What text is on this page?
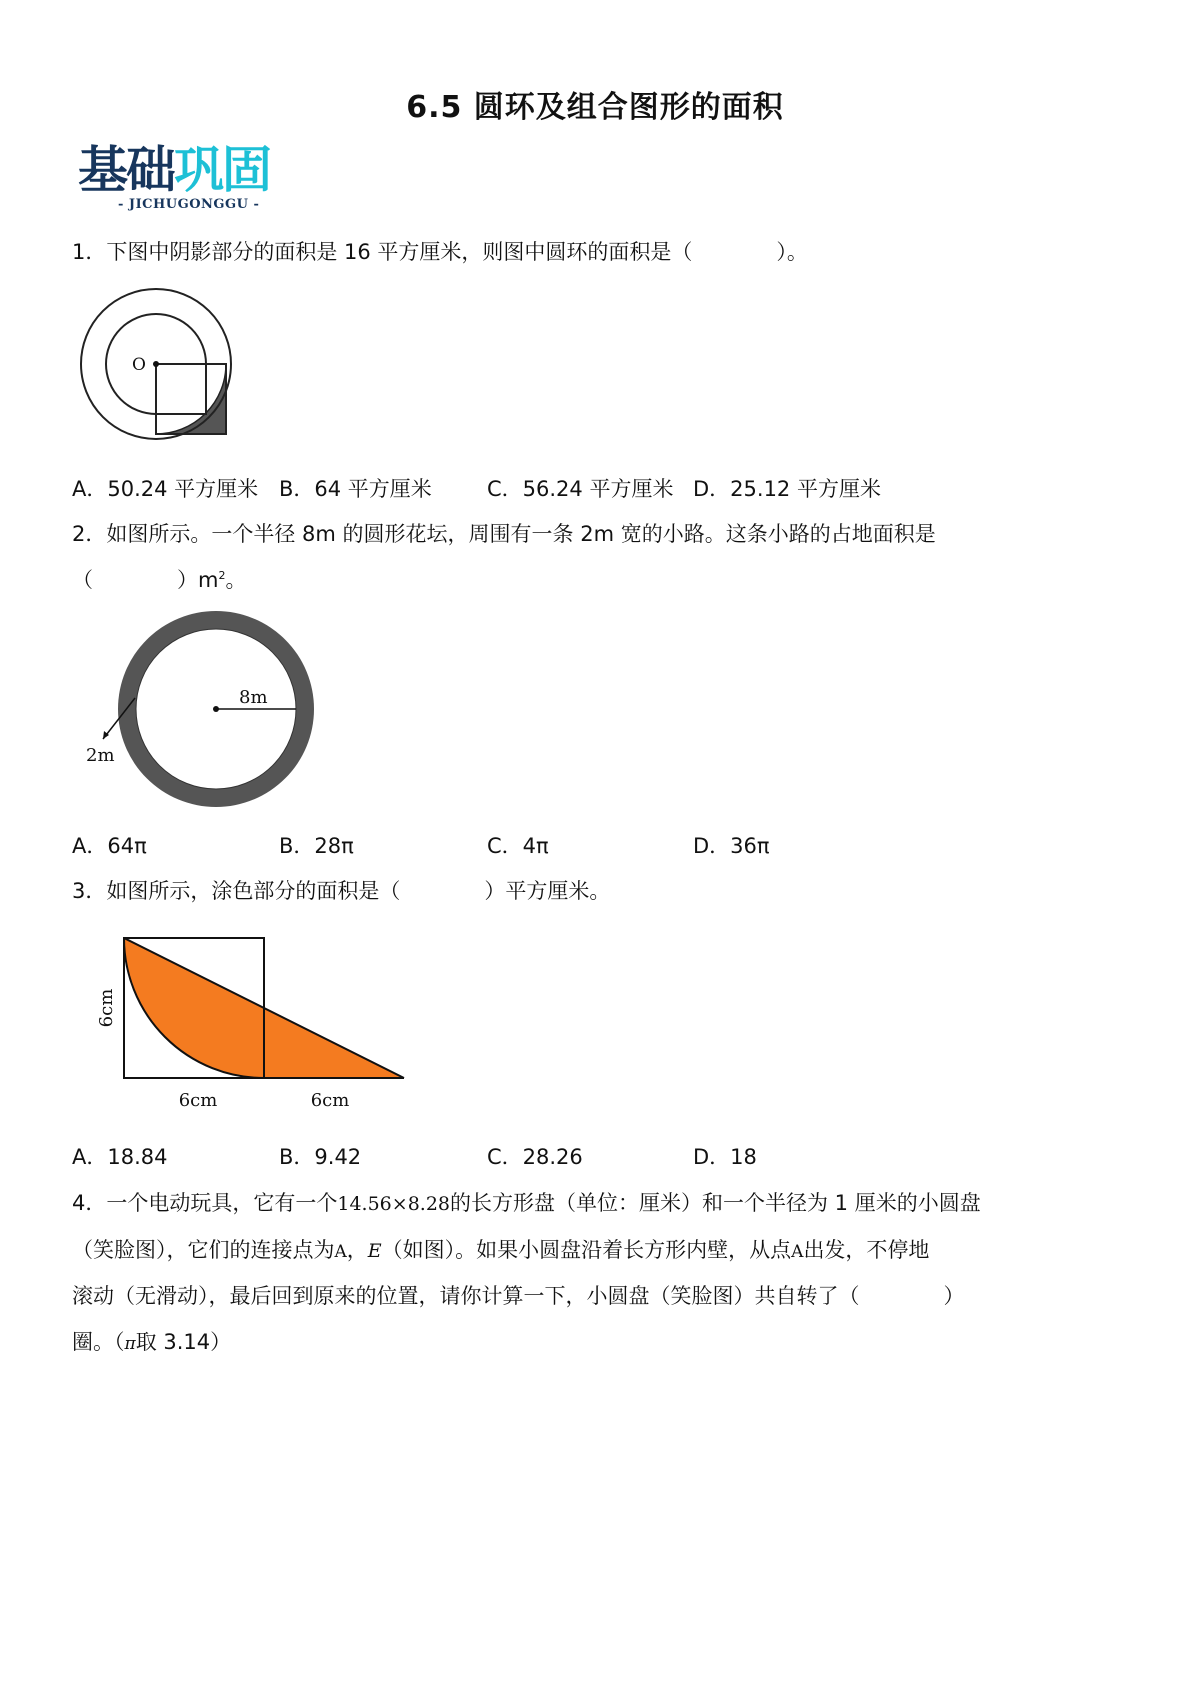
6.5 圆环及组合图形的面积
基础巩固
- JICHUGONGGU -
1．下图中阴影部分的面积是 16 平方厘米，则图中圆环的面积是（　　　　）。
O
A．50.24 平方厘米 B．64 平方厘米	C．56.24 平方厘米 D．25.12 平方厘米
2．如图所示。一个半径 8m 的圆形花坛，周围有一条 2m 宽的小路。这条小路的占地面积是
（　　　　）$m^2$。
8m
2m
A．64π	B．28π	C．4π	D．36π
3．如图所示，涂色部分的面积是（　　　　）平方厘米。
6cm
6cm	6cm
A．18.84	B．9.42	C．28.26	D．18
4．一个电动玩具，它有一个14.56×8.28的长方形盘（单位：厘米）和一个半径为 1 厘米的小圆盘
（笑脸图），它们的连接点为A，E（如图）。如果小圆盘沿着长方形内壁，从点A出发，不停地
滚动（无滑动），最后回到原来的位置，请你计算一下，小圆盘（笑脸图）共自转了（　　　　）
圈。（π取 3.14）
